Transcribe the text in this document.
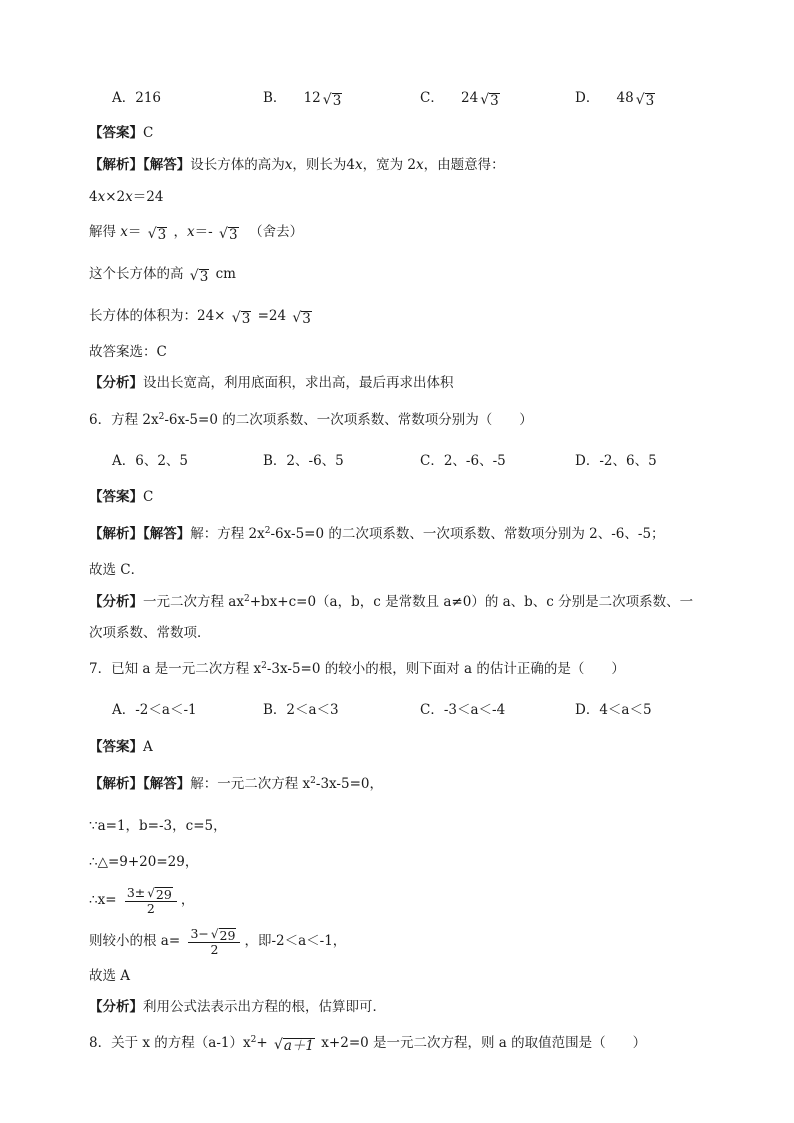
A．216	B． 12 √ 3	C． 24 √ 3	D． 48 √ 3
【答案】C
【解析】【解答】设长方体的高为x，则长为4x，宽为 2x，由题意得：
4x×2x＝24
解得 x＝ √ 3 ，x＝- √ 3 （舍去）
这个长方体的高 √ 3 cm
长方体的体积为：24× √ 3 =24 √ 3
故答案选：C
【分析】设出长宽高，利用底面积，求出高，最后再求出体积
6．方程 $2x^2-6x-5=0$ 的二次项系数、一次项系数、常数项分别为（　　）
A．6、2、5	B．2、-6、5	C．2、-6、-5	D．-2、6、5
【答案】C
【解析】【解答】解：方程 $2x^2-6x-5=0$ 的二次项系数、一次项系数、常数项分别为 2、-6、-5；
故选 C．
【分析】一元二次方程 $ax^2+bx+c=0(a$，b，c 是常数且 a≠0）的 a、b、c 分别是二次项系数、一
次项系数、常数项．
7．已知 a 是一元二次方程 $x^2-3x-5=0$ 的较小的根，则下面对 a 的估计正确的是（　　）
A．-2＜a＜-1	B．2＜a＜3	C．-3＜a＜-4	D．4＜a＜5
【答案】A
【解析】【解答】解：一元二次方程 $x^2-3x-5=0$，
∵a=1，b=-3，c=5，
∴△=9+20=29，
∴x= $\frac{3\pm √ 29}{2}$ ，
则较小的根 $a= \frac{3- √ 29}{2}$ ，即-2＜a＜-1，
故选 A
【分析】利用公式法表示出方程的根，估算即可．
8．关于 x 的方程$(a-1)x^2+$ √ a＋1 x+2=0 是一元二次方程，则 a 的取值范围是（　　）
